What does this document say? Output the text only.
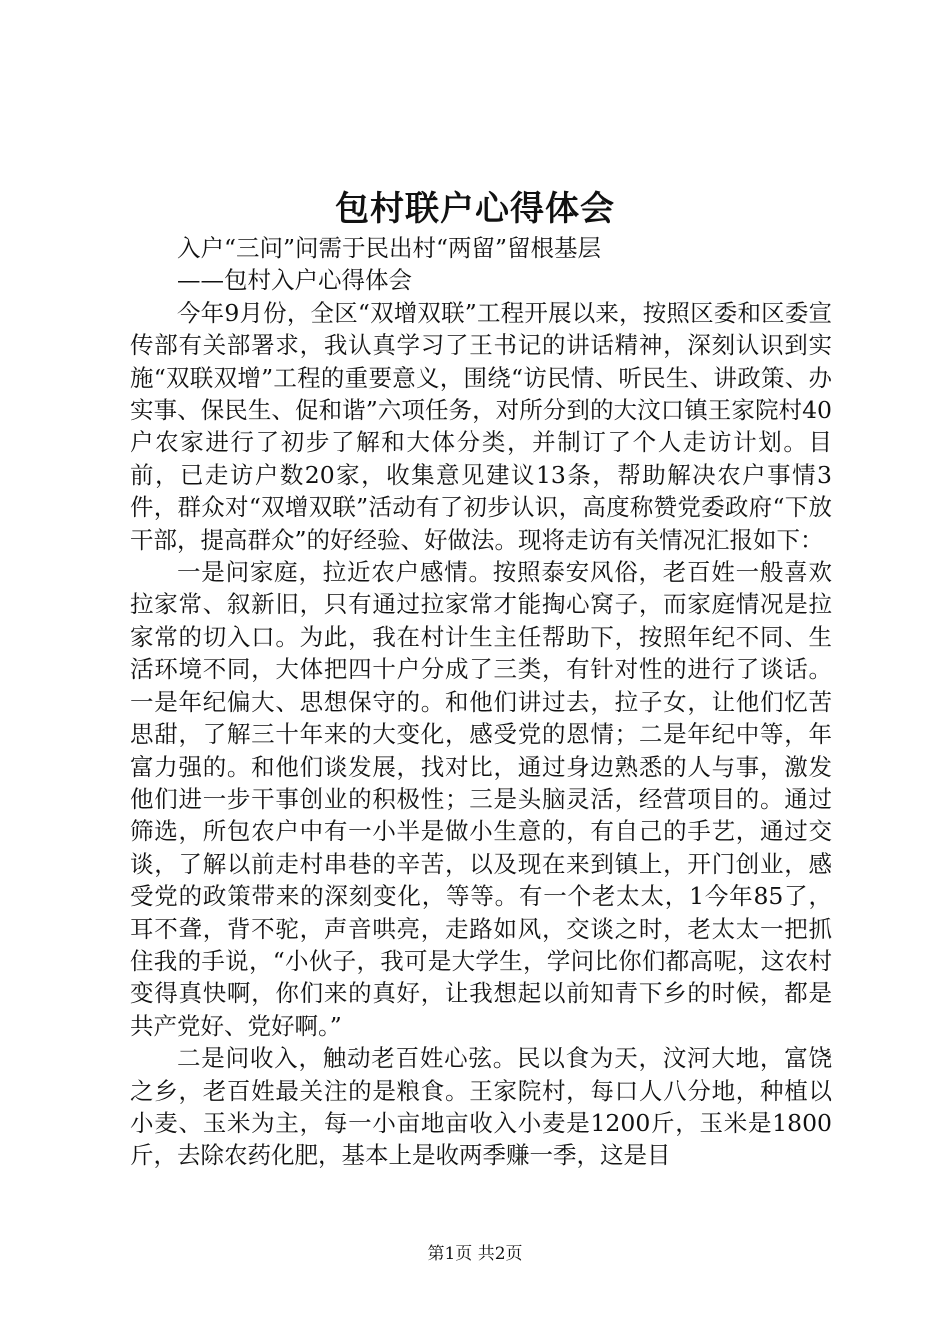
包村联户心得体会

入户“三问”问需于民出村“两留”留根基层

——包村入户心得体会

今年9月份，全区“双增双联”工程开展以来，按照区委和区委宣传部有关部署求，我认真学习了王书记的讲话精神，深刻认识到实施“双联双增”工程的重要意义，围绕“访民情、听民生、讲政策、办实事、保民生、促和谐”六项任务，对所分到的大汶口镇王家院村40户农家进行了初步了解和大体分类，并制订了个人走访计划。目前，已走访户数20家，收集意见建议13条，帮助解决农户事情3件，群众对“双增双联”活动有了初步认识，高度称赞党委政府“下放干部，提高群众”的好经验、好做法。现将走访有关情况汇报如下：

一是问家庭，拉近农户感情。按照泰安风俗，老百姓一般喜欢拉家常、叙新旧，只有通过拉家常才能掏心窝子，而家庭情况是拉家常的切入口。为此，我在村计生主任帮助下，按照年纪不同、生活环境不同，大体把四十户分成了三类，有针对性的进行了谈话。一是年纪偏大、思想保守的。和他们讲过去，拉子女，让他们忆苦思甜，了解三十年来的大变化，感受党的恩情；二是年纪中等，年富力强的。和他们谈发展，找对比，通过身边熟悉的人与事，激发他们进一步干事创业的积极性；三是头脑灵活，经营项目的。通过筛选，所包农户中有一小半是做小生意的，有自己的手艺，通过交谈，了解以前走村串巷的辛苦，以及现在来到镇上，开门创业，感受党的政策带来的深刻变化，等等。有一个老太太，1今年85了，耳不聋，背不驼，声音哄亮，走路如风，交谈之时，老太太一把抓住我的手说，“小伙子，我可是大学生，学问比你们都高呢，这农村变得真快啊，你们来的真好，让我想起以前知青下乡的时候，都是共产党好、党好啊。”

二是问收入，触动老百姓心弦。民以食为天，汶河大地，富饶之乡，老百姓最关注的是粮食。王家院村，每口人八分地，种植以小麦、玉米为主，每一小亩地亩收入小麦是1200斤，玉米是1800斤，去除农药化肥，基本上是收两季赚一季，这是目

第1页 共2页
